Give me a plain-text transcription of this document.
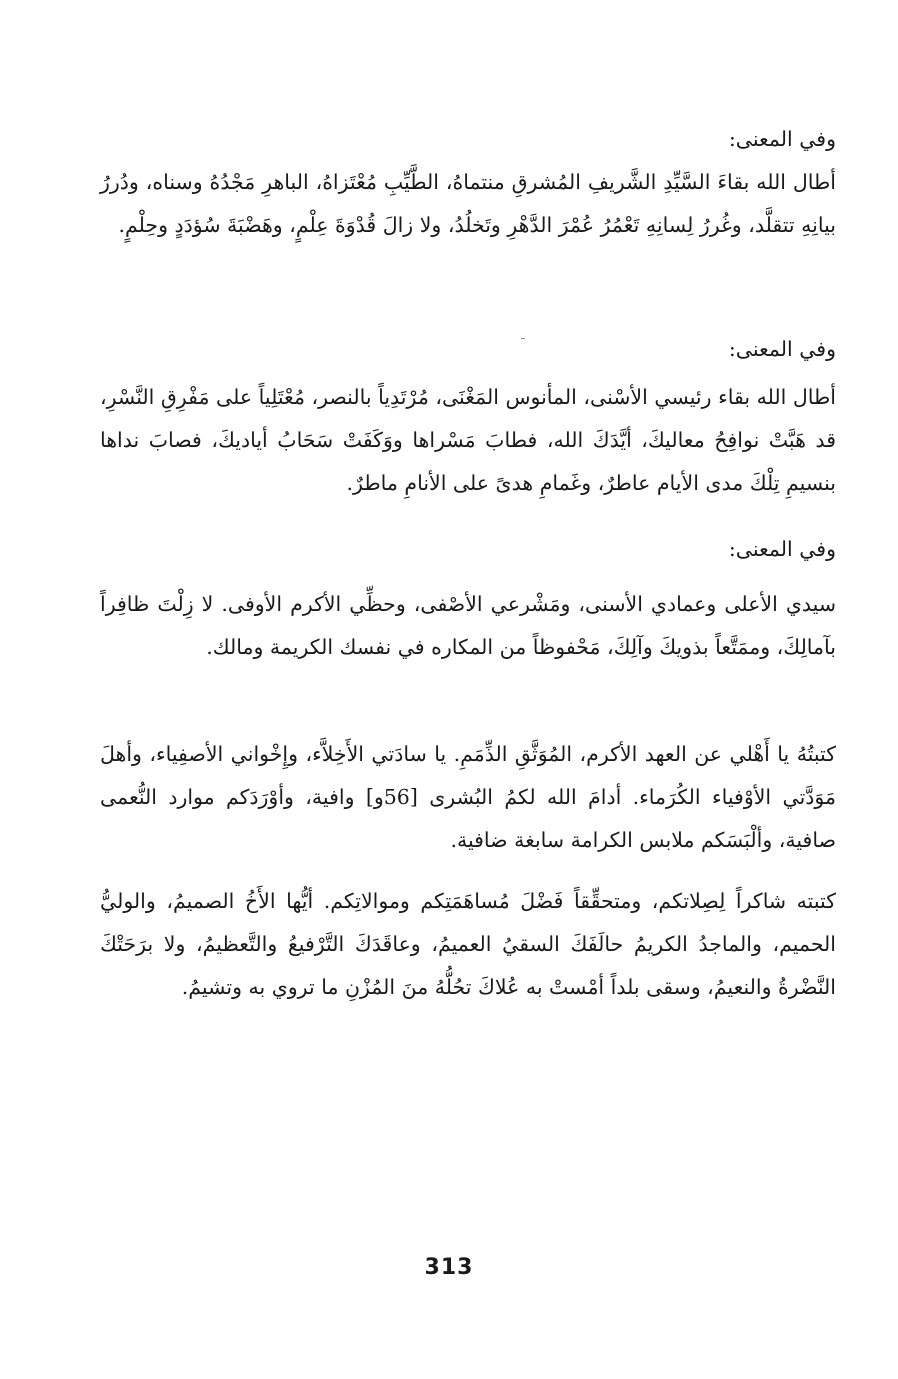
وفي المعنى:
أطال الله بقاءَ السَّيِّدِ الشَّريفِ المُشرقِ منتماهُ، الطَّيِّبِ مُعْتَزاهُ، الباهرِ مَجْدُهُ وسناه، ودُررُ بيانِهِ تتقلَّد، وغُررُ لِسانِهِ تَعْمُرُ عُمْرَ الدَّهْرِ وتَخلُدُ، ولا زالَ قُدْوَةَ عِلْمٍ، وهَضْبَةَ سُؤدَدٍ وحِلْمٍ.
وفي المعنى:
أطال الله بقاء رئيسي الأسْنى، المأنوس المَغْنَى، مُرْتَدِياً بالنصر، مُعْتَلِياً على مَفْرِقِ النَّسْرِ، قد هَبَّتْ نوافِحُ معاليكَ، أيَّدَكَ الله، فطابَ مَسْراها ووَكَفَتْ سَحَابُ أياديكَ، فصابَ نداها بنسيمِ تِلْكَ مدى الأيام عاطرٌ، وغَمامِ هدىً على الأنامِ ماطرٌ.
وفي المعنى:
سيدي الأعلى وعمادي الأسنى، ومَشْرعي الأصْفى، وحظِّي الأكرم الأوفى. لا زِلْتَ ظافِراً بآمالِكَ، وممَتَّعاً بذويكَ وآلِكَ، مَحْفوظاً من المكاره في نفسك الكريمة ومالك.
كتبتُهُ يا أَهْلي عن العهد الأكرم، المُوَثَّقِ الذِّمَمِ. يا سادَتي الأَخِلاَّء، وإِخْواني الأصفِياء، وأهلَ مَوَدَّتي الأوْفياء الكُرَماء. أدامَ الله لكمُ البُشرى [56و] وافية، وأوْرَدَكم موارد النُّعمى صافية، وألْبَسَكم ملابس الكرامة سابغة ضافية.
كتبته شاكراً لِصِلاتكم، ومتحقِّقاً فَضْلَ مُساهَمَتِكم وموالاتِكم. أيُّها الأَخُ الصميمُ، والوليُّ الحميم، والماجدُ الكريمُ حالَفَكَ السقيُ العميمُ، وعاقَدَكَ التَّرْفيعُ والتَّعظيمُ، ولا برَحَتْكَ النَّضْرةُ والنعيمُ، وسقى بلداً أمْستْ به عُلاكَ تحُلُّهُ منَ المُزْنِ ما تروي به وتشيمُ.
313
